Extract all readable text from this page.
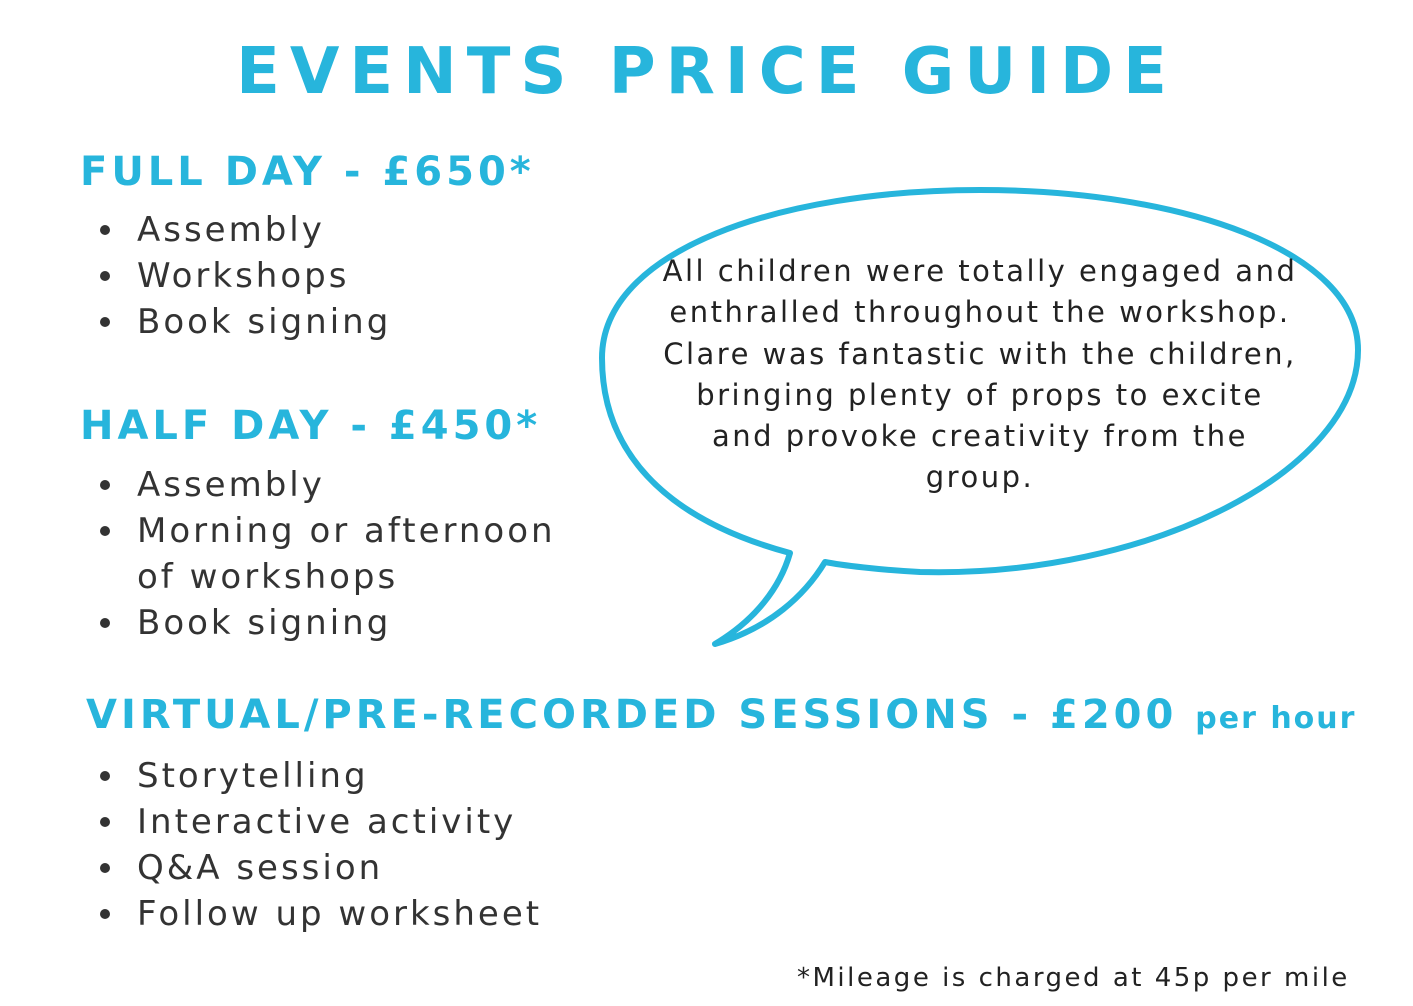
EVENTS PRICE GUIDE
FULL DAY - £650*
Assembly
Workshops
Book signing
HALF DAY - £450*
Assembly
Morning or afternoon of workshops
Book signing

All children were totally engaged and enthralled throughout the workshop. Clare was fantastic with the children, bringing plenty of props to excite and provoke creativity from the group.

VIRTUAL/PRE-RECORDED SESSIONS - £200 per hour
Storytelling
Interactive activity
Q&A session
Follow up worksheet

*Mileage is charged at 45p per mile
